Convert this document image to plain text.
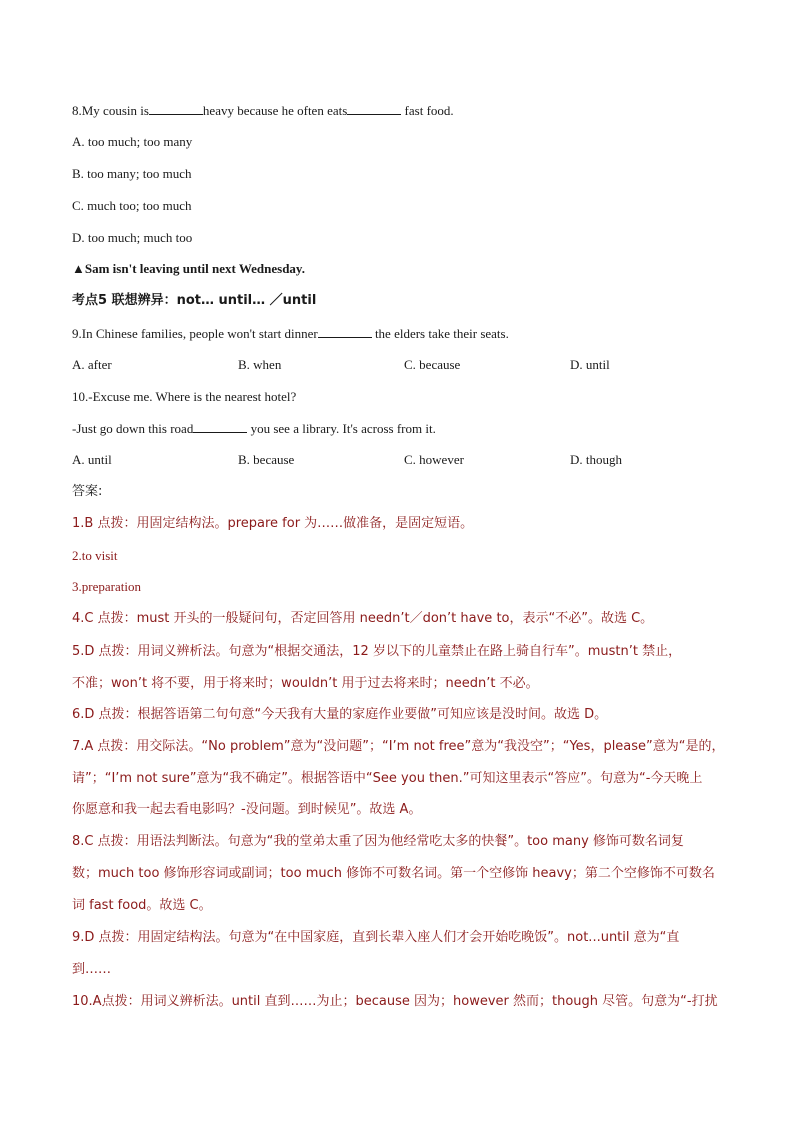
8.My cousin is	heavy because he often eats	fast food.
A. too much; too many
B. too many; too much
C. much too; too much
D. too much; much too
▲Sam isn't leaving until next Wednesday.
考点5 联想辨异：not… until… ／until
9.In Chinese families, people won't start dinner	the elders take their seats.
A. after	B. when	C. because	D. until
10.-Excuse me. Where is the nearest hotel?
-Just go down this road	you see a library. It's across from it.
A. until	B. because	C. however	D. though
答案:
1.B 点拨：用固定结构法。prepare for 为……做准备，是固定短语。
2.to visit
3.preparation
4.C 点拨：must 开头的一般疑问句，否定回答用 needn’t／don’t have to，表示“不必”。故选 C。
5.D 点拨：用词义辨析法。句意为“根据交通法，12 岁以下的儿童禁止在路上骑自行车”。mustn’t 禁止，
不准；won’t 将不要，用于将来时；wouldn’t 用于过去将来时；needn’t 不必。
6.D 点拨：根据答语第二句句意“今天我有大量的家庭作业要做”可知应该是没时间。故选 D。
7.A 点拨：用交际法。“No problem”意为“没问题”；“I’m not free”意为“我没空”；“Yes，please”意为“是的，
请”；“I’m not sure”意为“我不确定”。根据答语中“See you then.”可知这里表示“答应”。句意为“-今天晚上
你愿意和我一起去看电影吗？-没问题。到时候见”。故选 A。
8.C 点拨：用语法判断法。句意为“我的堂弟太重了因为他经常吃太多的快餐”。too many 修饰可数名词复
数；much too 修饰形容词或副词；too much 修饰不可数名词。第一个空修饰 heavy；第二个空修饰不可数名
词 fast food。故选 C。
9.D 点拨：用固定结构法。句意为“在中国家庭，直到长辈入座人们才会开始吃晚饭”。not...until 意为“直
到……
10.A点拨：用词义辨析法。until 直到……为止；because 因为；however 然而；though 尽管。句意为“-打扰
